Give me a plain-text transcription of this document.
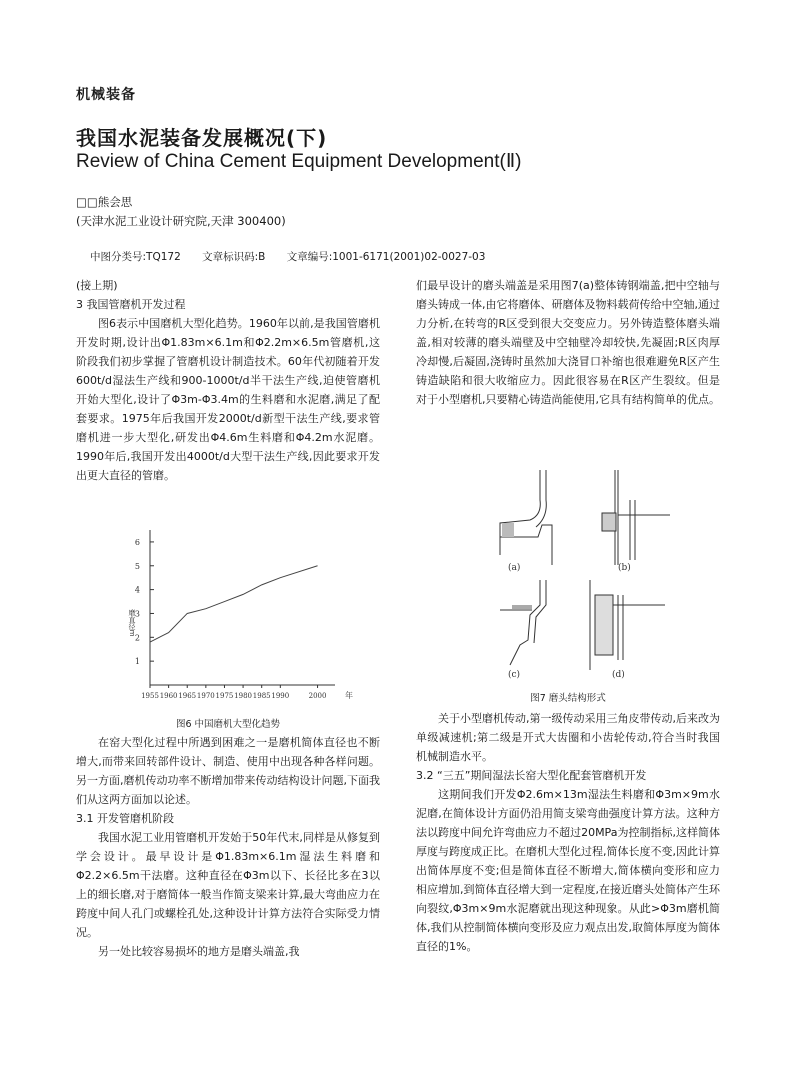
机械装备
我国水泥装备发展概况(下)
Review of China Cement Equipment Development(Ⅱ)
□□熊会思
(天津水泥工业设计研究院,天津 300400)
中图分类号:TQ172 文章标识码:B 文章编号:1001-6171(2001)02-0027-03

(接上期)

3 我国管磨机开发过程

图6表示中国磨机大型化趋势。1960年以前,是我国管磨机开发时期,设计出Φ1.83m×6.1m和Φ2.2m×6.5m管磨机,这阶段我们初步掌握了管磨机设计制造技术。60年代初随着开发600t/d湿法生产线和900-1000t/d半干法生产线,迫使管磨机开始大型化,设计了Φ3m-Φ3.4m的生料磨和水泥磨,满足了配套要求。1975年后我国开发2000t/d新型干法生产线,要求管磨机进一步大型化,研发出Φ4.6m生料磨和Φ4.2m水泥磨。1990年后,我国开发出4000t/d大型干法生产线,因此要求开发出更大直径的管磨。

1
2
3
4
5
6
1955 1960 1965 1970 1975 1980 1985 1990	2000 年
磨直径m
图6 中国磨机大型化趋势

在窑大型化过程中所遇到困难之一是磨机简体直径也不断增大,而带来回转部件设计、制造、使用中出现各种各样问题。另一方面,磨机传动功率不断增加带来传动结构设计问题,下面我们从这两方面加以论述。

3.1 开发管磨机阶段

我国水泥工业用管磨机开发始于50年代末,同样是从修复到学会设计。最早设计是Φ1.83m×6.1m湿法生料磨和Φ2.2×6.5m干法磨。这种直径在Φ3m以下、长径比多在3以上的细长磨,对于磨简体一般当作简支梁来计算,最大弯曲应力在跨度中间人孔门或螺栓孔处,这种设计计算方法符合实际受力情况。

另一处比较容易损坏的地方是磨头端盖,我

们最早设计的磨头端盖是采用图7(a)整体铸钢端盖,把中空轴与磨头铸成一体,由它将磨体、研磨体及物料载荷传给中空轴,通过力分析,在转弯的R区受到很大交变应力。另外铸造整体磨头端盖,相对较薄的磨头端壁及中空轴壁冷却较快,先凝固;R区肉厚冷却慢,后凝固,浇铸时虽然加大浇冒口补缩也很难避免R区产生铸造缺陷和很大收缩应力。因此很容易在R区产生裂纹。但是对于小型磨机,只要精心铸造尚能使用,它具有结构简单的优点。

(a)	(b)
(c)	(d)
图7 磨头结构形式

关于小型磨机传动,第一级传动采用三角皮带传动,后来改为单级减速机;第二级是开式大齿圈和小齿轮传动,符合当时我国机械制造水平。

3.2 “三五”期间湿法长窑大型化配套管磨机开发

这期间我们开发Φ2.6m×13m湿法生料磨和Φ3m×9m水泥磨,在简体设计方面仍沿用简支梁弯曲强度计算方法。这种方法以跨度中间允许弯曲应力不超过20MPa为控制指标,这样简体厚度与跨度成正比。在磨机大型化过程,简体长度不变,因此计算出简体厚度不变;但是简体直径不断增大,简体横向变形和应力相应增加,到简体直径增大到一定程度,在接近磨头处简体产生环向裂纹,Φ3m×9m水泥磨就出现这种现象。从此>Φ3m磨机简体,我们从控制简体横向变形及应力观点出发,取简体厚度为简体直径的1%。
